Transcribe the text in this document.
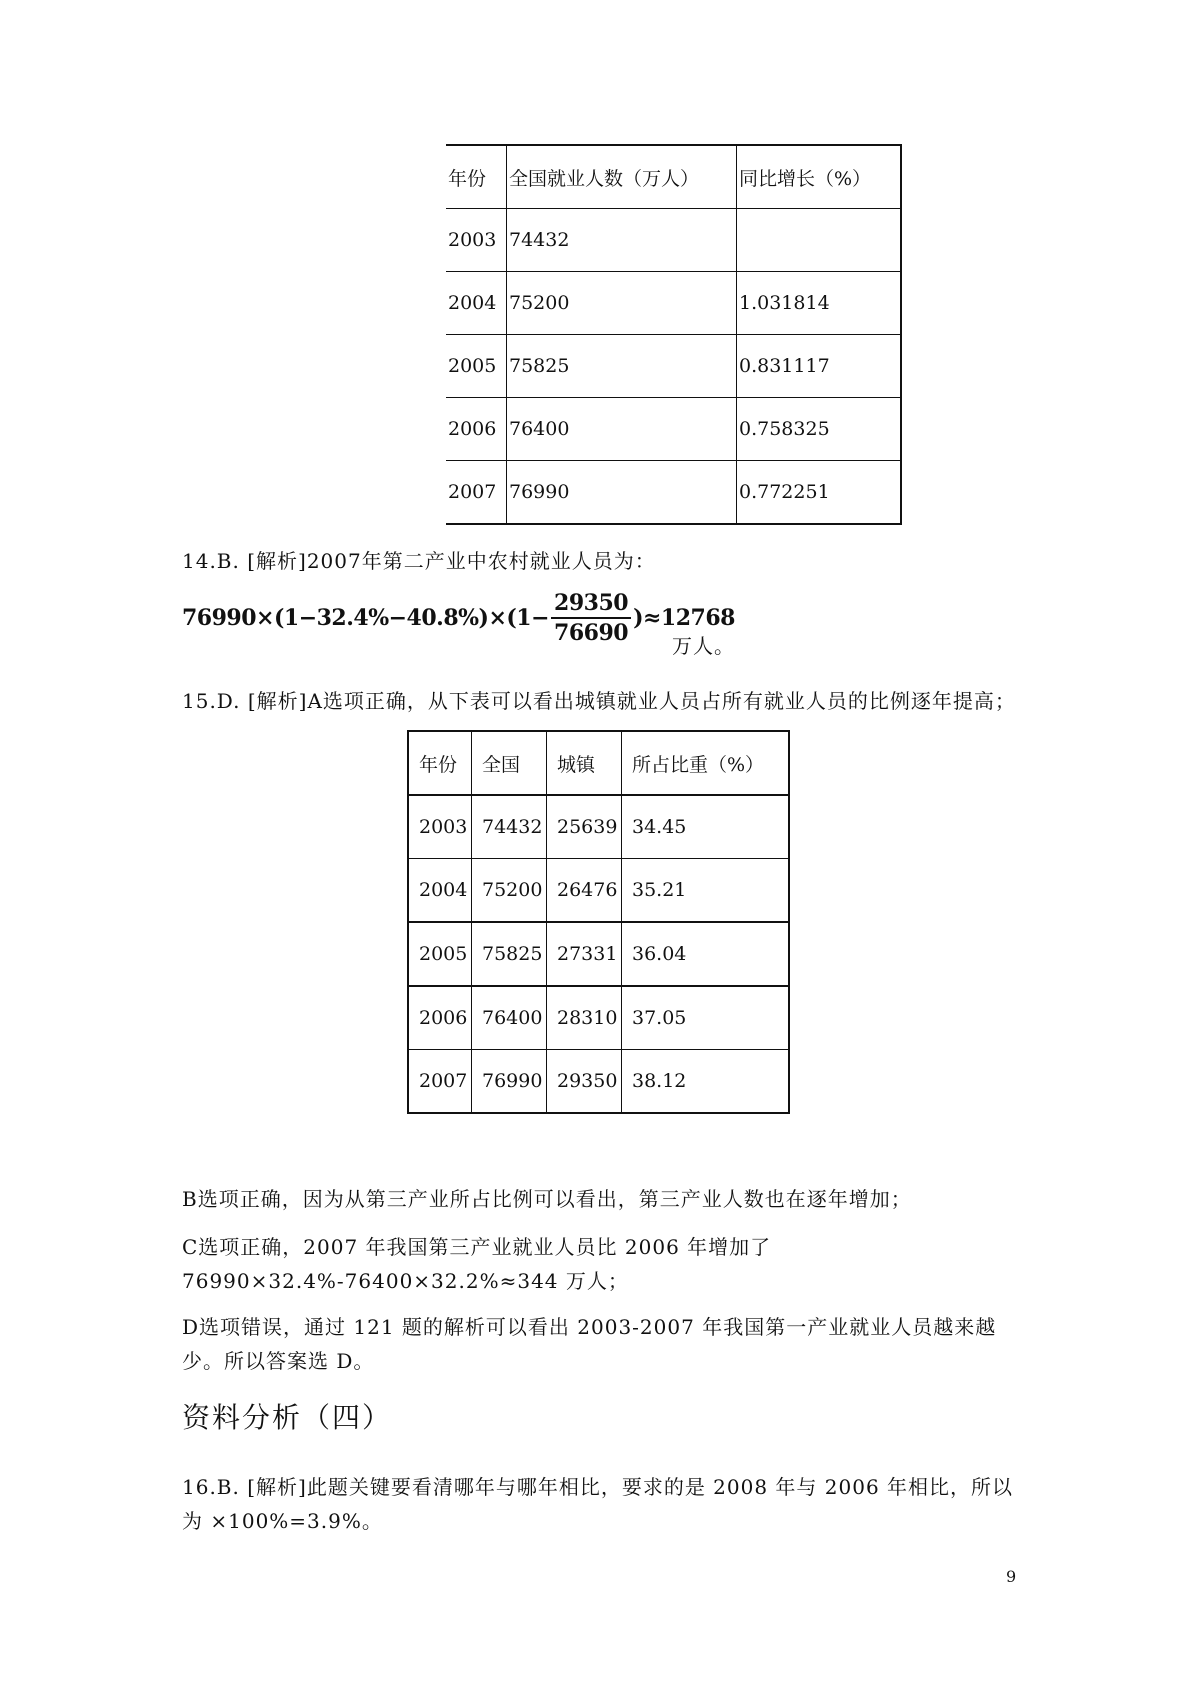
年份	全国就业人数（万人）	同比增长（%）
2003	74432	
2004	75200	1.031814
2005	75825	0.831117
2006	76400	0.758325
2007	76990	0.772251
14.B. [解析]2007年第二产业中农村就业人员为：
$76990\times(1-32.4\%-40.8\%)\times(1- \frac{29350}{76690} )\approx 12768$
万人。
15.D. [解析]A选项正确，从下表可以看出城镇就业人员占所有就业人员的比例逐年提高；
年份	全国	城镇	所占比重（%）
2003	74432	25639	34.45
2004	75200	26476	35.21
2005	75825	27331	36.04
2006	76400	28310	37.05
2007	76990	29350	38.12
B选项正确，因为从第三产业所占比例可以看出，第三产业人数也在逐年增加；
C选项正确，2007 年我国第三产业就业人员比 2006 年增加了 76990×32.4%-76400×32.2%≈344 万人；
D选项错误，通过 121 题的解析可以看出 2003-2007 年我国第一产业就业人员越来越少。所以答案选 D。
资料分析（四）
16.B. [解析]此题关键要看清哪年与哪年相比，要求的是 2008 年与 2006 年相比，所以为 ×100%=3.9%。
9
